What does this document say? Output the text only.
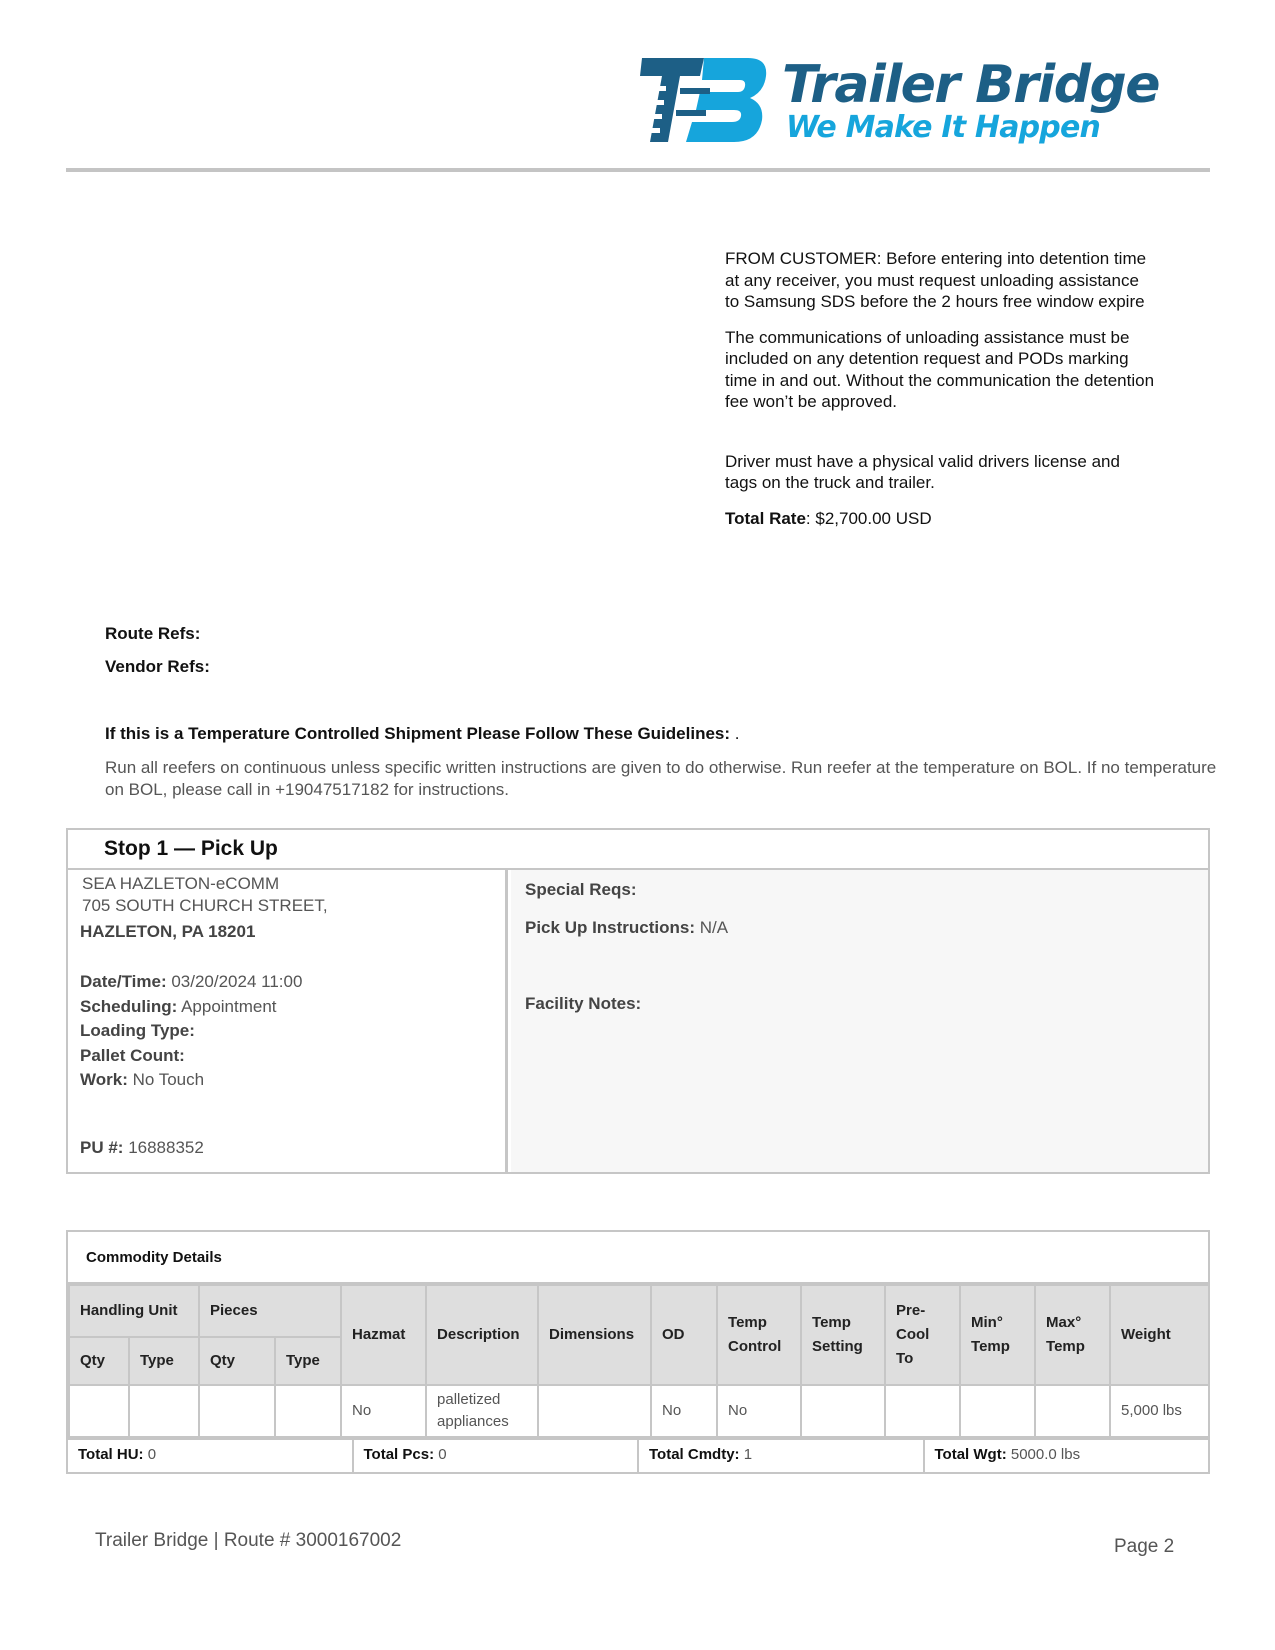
Trailer Bridge
We Make It Happen

FROM CUSTOMER: Before entering into detention time at any receiver, you must request unloading assistance to Samsung SDS before the 2 hours free window expire

The communications of unloading assistance must be included on any detention request and PODs marking time in and out. Without the communication the detention fee won’t be approved.

Driver must have a physical valid drivers license and tags on the truck and trailer.

Total Rate: $2,700.00 USD

Route Refs:
Vendor Refs:
If this is a Temperature Controlled Shipment Please Follow These Guidelines: .
Run all reefers on continuous unless specific written instructions are given to do otherwise. Run reefer at the temperature on BOL. If no temperature on BOL, please call in +19047517182 for instructions.
Stop 1 — Pick Up
SEA HAZLETON-eCOMM
705 SOUTH CHURCH STREET,
HAZLETON, PA 18201
Date/Time: 03/20/2024 11:00
Scheduling: Appointment
Loading Type:
Pallet Count:
Work: No Touch
PU #: 16888352
Special Reqs:
Pick Up Instructions: N/A
Facility Notes:
Commodity Details
Handling Unit		Pieces		Hazmat	Description	Dimensions	OD	Temp Control	Temp Setting	Pre-Cool To	Min° Temp	Max° Temp	Weight
Qty	Type	Qty	Type										
				No	palletized appliances		No	No					5,000 lbs
Total HU: 0	Total Pcs: 0	Total Cmdty: 1	Total Wgt: 5000.0 lbs
Trailer Bridge | Route # 3000167002	Page 2
